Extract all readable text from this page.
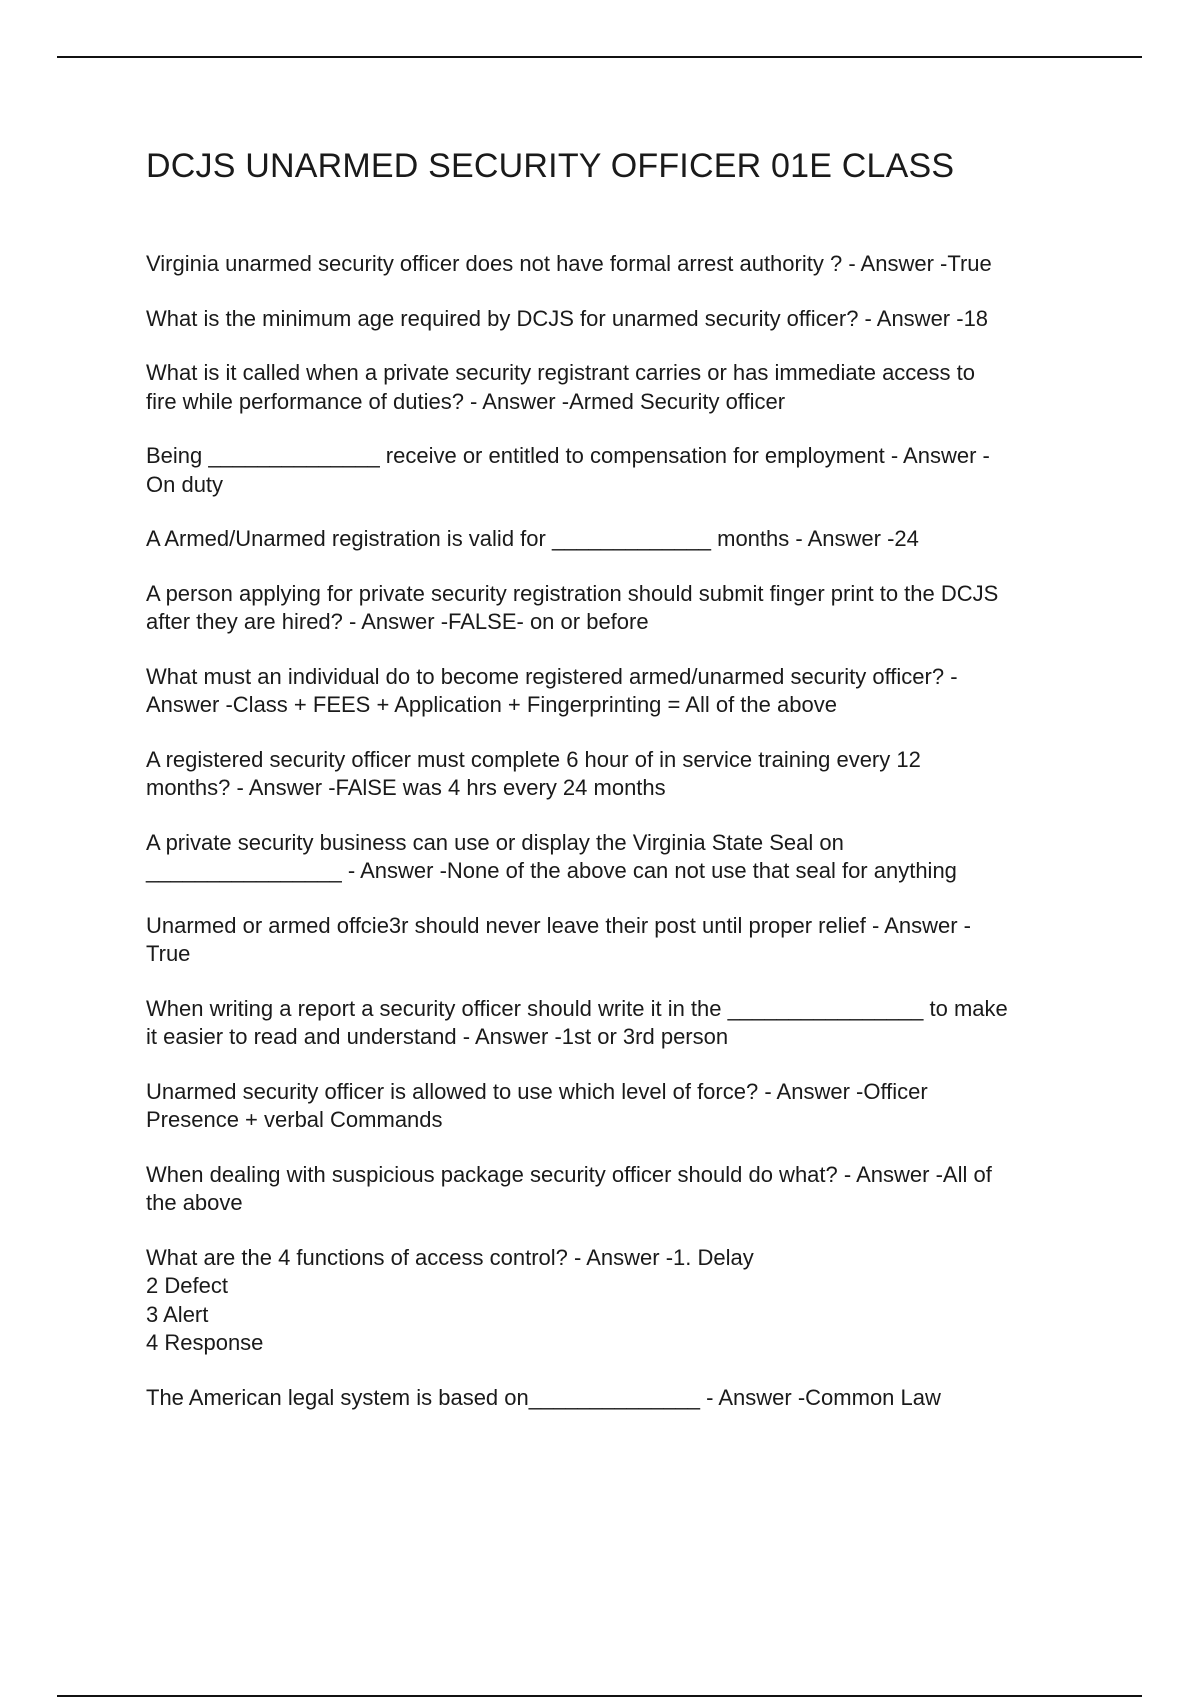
DCJS UNARMED SECURITY OFFICER 01E CLASS
Virginia unarmed security officer does not have formal arrest authority ? - Answer -True
What is the minimum age required by DCJS for unarmed security officer? - Answer -18
What is it called when a private security registrant carries or has immediate access to
fire while performance of duties? - Answer -Armed Security officer
Being ______________ receive or entitled to compensation for employment - Answer -
On duty
A Armed/Unarmed registration is valid for _____________ months - Answer -24
A person applying for private security registration should submit finger print to the DCJS
after they are hired? - Answer -FALSE- on or before
What must an individual do to become registered armed/unarmed security officer? -
Answer -Class + FEES + Application + Fingerprinting = All of the above
A registered security officer must complete 6 hour of in service training every 12
months? - Answer -FAlSE was 4 hrs every 24 months
A private security business can use or display the Virginia State Seal on
________________ - Answer -None of the above can not use that seal for anything
Unarmed or armed offcie3r should never leave their post until proper relief - Answer -
True
When writing a report a security officer should write it in the ________________ to make
it easier to read and understand - Answer -1st or 3rd person
Unarmed security officer is allowed to use which level of force? - Answer -Officer
Presence + verbal Commands
When dealing with suspicious package security officer should do what? - Answer -All of
the above
What are the 4 functions of access control? - Answer -1. Delay
2 Defect
3 Alert
4 Response
The American legal system is based on______________ - Answer -Common Law
